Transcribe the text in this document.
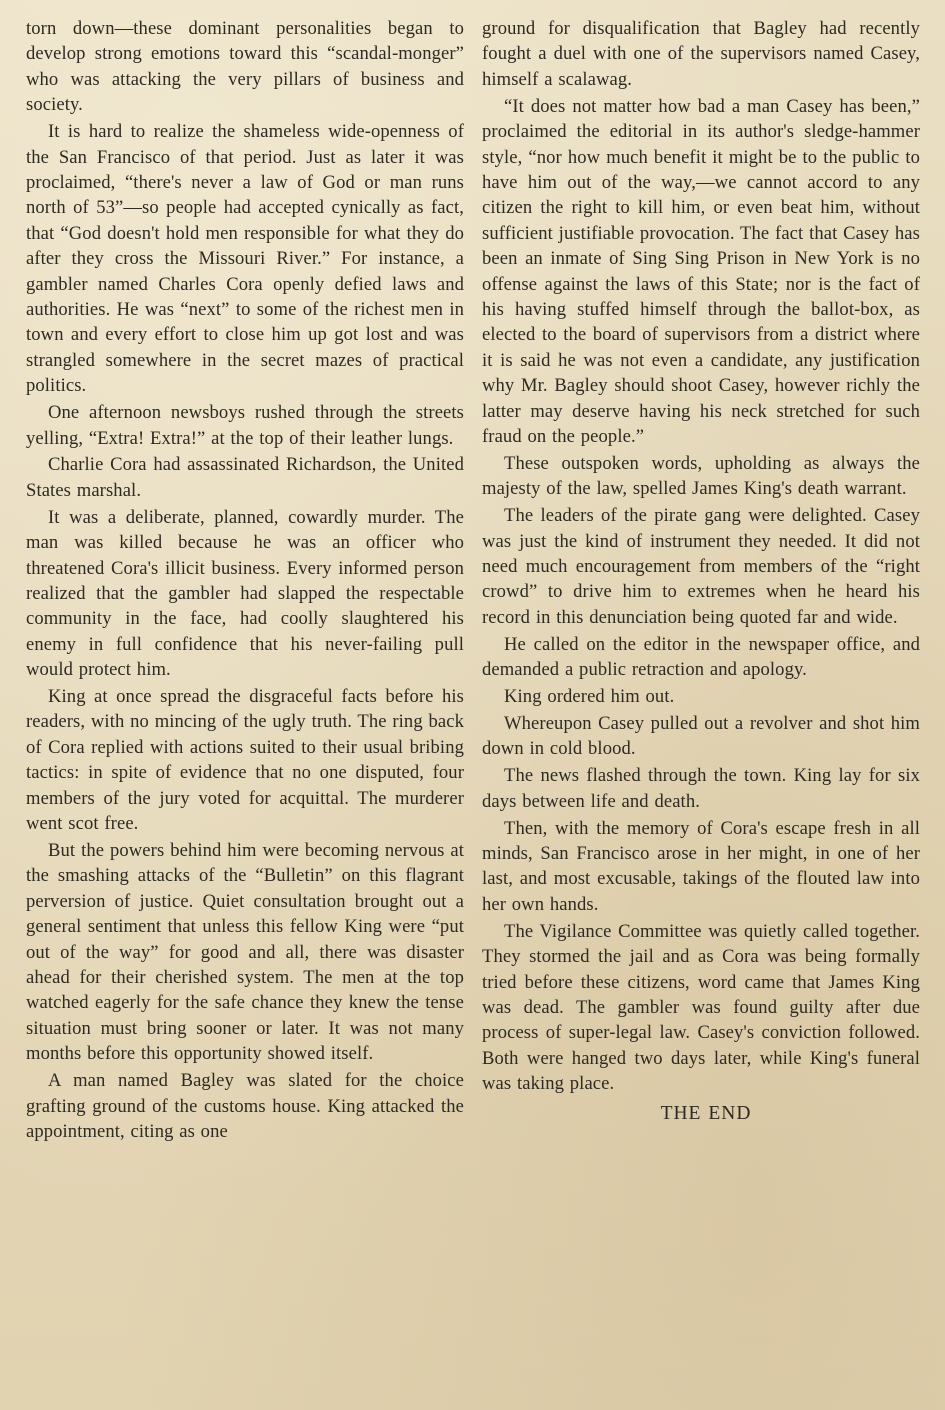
torn down—these dominant personalities began to develop strong emotions toward this “scandal-monger” who was attacking the very pillars of business and society.

It is hard to realize the shameless wide-openness of the San Francisco of that period. Just as later it was proclaimed, “there's never a law of God or man runs north of 53”—so people had accepted cynically as fact, that “God doesn't hold men responsible for what they do after they cross the Missouri River.” For instance, a gambler named Charles Cora openly defied laws and authorities. He was “next” to some of the richest men in town and every effort to close him up got lost and was strangled somewhere in the secret mazes of practical politics.

One afternoon newsboys rushed through the streets yelling, “Extra! Extra!” at the top of their leather lungs.

Charlie Cora had assassinated Richardson, the United States marshal.

It was a deliberate, planned, cowardly murder. The man was killed because he was an officer who threatened Cora's illicit business. Every informed person realized that the gambler had slapped the respectable community in the face, had coolly slaughtered his enemy in full confidence that his never-failing pull would protect him.

King at once spread the disgraceful facts before his readers, with no mincing of the ugly truth. The ring back of Cora replied with actions suited to their usual bribing tactics: in spite of evidence that no one disputed, four members of the jury voted for acquittal. The murderer went scot free.

But the powers behind him were becoming nervous at the smashing attacks of the “Bulletin” on this flagrant perversion of justice. Quiet consultation brought out a general sentiment that unless this fellow King were “put out of the way” for good and all, there was disaster ahead for their cherished system. The men at the top watched eagerly for the safe chance they knew the tense situation must bring sooner or later. It was not many months before this opportunity showed itself.

A man named Bagley was slated for the choice grafting ground of the customs house. King attacked the appointment, citing as one

ground for disqualification that Bagley had recently fought a duel with one of the supervisors named Casey, himself a scalawag.

“It does not matter how bad a man Casey has been,” proclaimed the editorial in its author's sledge-hammer style, “nor how much benefit it might be to the public to have him out of the way,—we cannot accord to any citizen the right to kill him, or even beat him, without sufficient justifiable provocation. The fact that Casey has been an inmate of Sing Sing Prison in New York is no offense against the laws of this State; nor is the fact of his having stuffed himself through the ballot-box, as elected to the board of supervisors from a district where it is said he was not even a candidate, any justification why Mr. Bagley should shoot Casey, however richly the latter may deserve having his neck stretched for such fraud on the people.”

These outspoken words, upholding as always the majesty of the law, spelled James King's death warrant.

The leaders of the pirate gang were delighted. Casey was just the kind of instrument they needed. It did not need much encouragement from members of the “right crowd” to drive him to extremes when he heard his record in this denunciation being quoted far and wide.

He called on the editor in the newspaper office, and demanded a public retraction and apology.

King ordered him out.

Whereupon Casey pulled out a revolver and shot him down in cold blood.

The news flashed through the town. King lay for six days between life and death.

Then, with the memory of Cora's escape fresh in all minds, San Francisco arose in her might, in one of her last, and most excusable, takings of the flouted law into her own hands.

The Vigilance Committee was quietly called together. They stormed the jail and as Cora was being formally tried before these citizens, word came that James King was dead. The gambler was found guilty after due process of super-legal law. Casey's conviction followed. Both were hanged two days later, while King's funeral was taking place.

THE END
